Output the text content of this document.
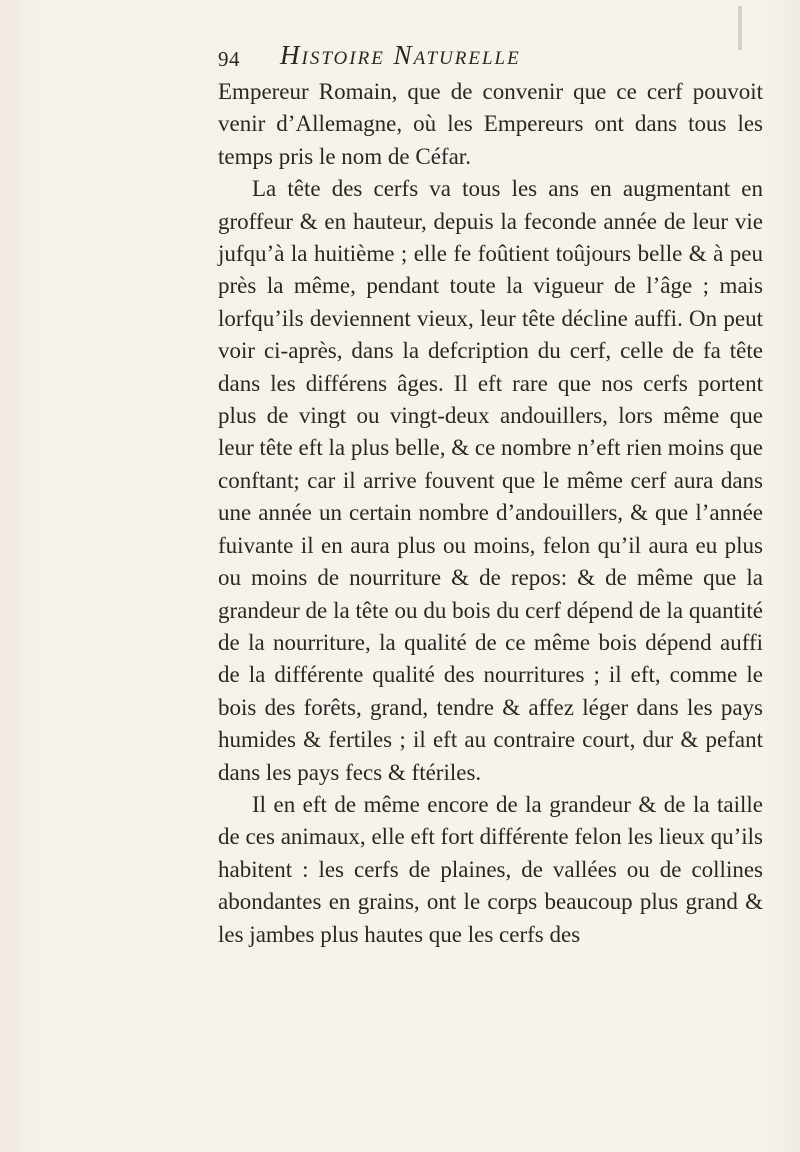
94 Histoire Naturelle

Empereur Romain, que de convenir que ce cerf pouvoit venir d’Allemagne, où les Empereurs ont dans tous les temps pris le nom de Céfar.

La tête des cerfs va tous les ans en augmentant en groffeur & en hauteur, depuis la feconde année de leur vie jufqu’à la huitième ; elle fe foûtient toûjours belle & à peu près la même, pendant toute la vigueur de l’âge ; mais lorfqu’ils deviennent vieux, leur tête décline auffi. On peut voir ci-après, dans la defcription du cerf, celle de fa tête dans les différens âges. Il eft rare que nos cerfs portent plus de vingt ou vingt-deux andouillers, lors même que leur tête eft la plus belle, & ce nombre n’eft rien moins que conftant; car il arrive fouvent que le même cerf aura dans une année un certain nombre d’andouillers, & que l’année fuivante il en aura plus ou moins, felon qu’il aura eu plus ou moins de nourriture & de repos: & de même que la grandeur de la tête ou du bois du cerf dépend de la quantité de la nourriture, la qualité de ce même bois dépend auffi de la différente qualité des nourritures ; il eft, comme le bois des forêts, grand, tendre & affez léger dans les pays humides & fertiles ; il eft au contraire court, dur & pefant dans les pays fecs & ftériles.

Il en eft de même encore de la grandeur & de la taille de ces animaux, elle eft fort différente felon les lieux qu’ils habitent : les cerfs de plaines, de vallées ou de collines abondantes en grains, ont le corps beaucoup plus grand & les jambes plus hautes que les cerfs des
